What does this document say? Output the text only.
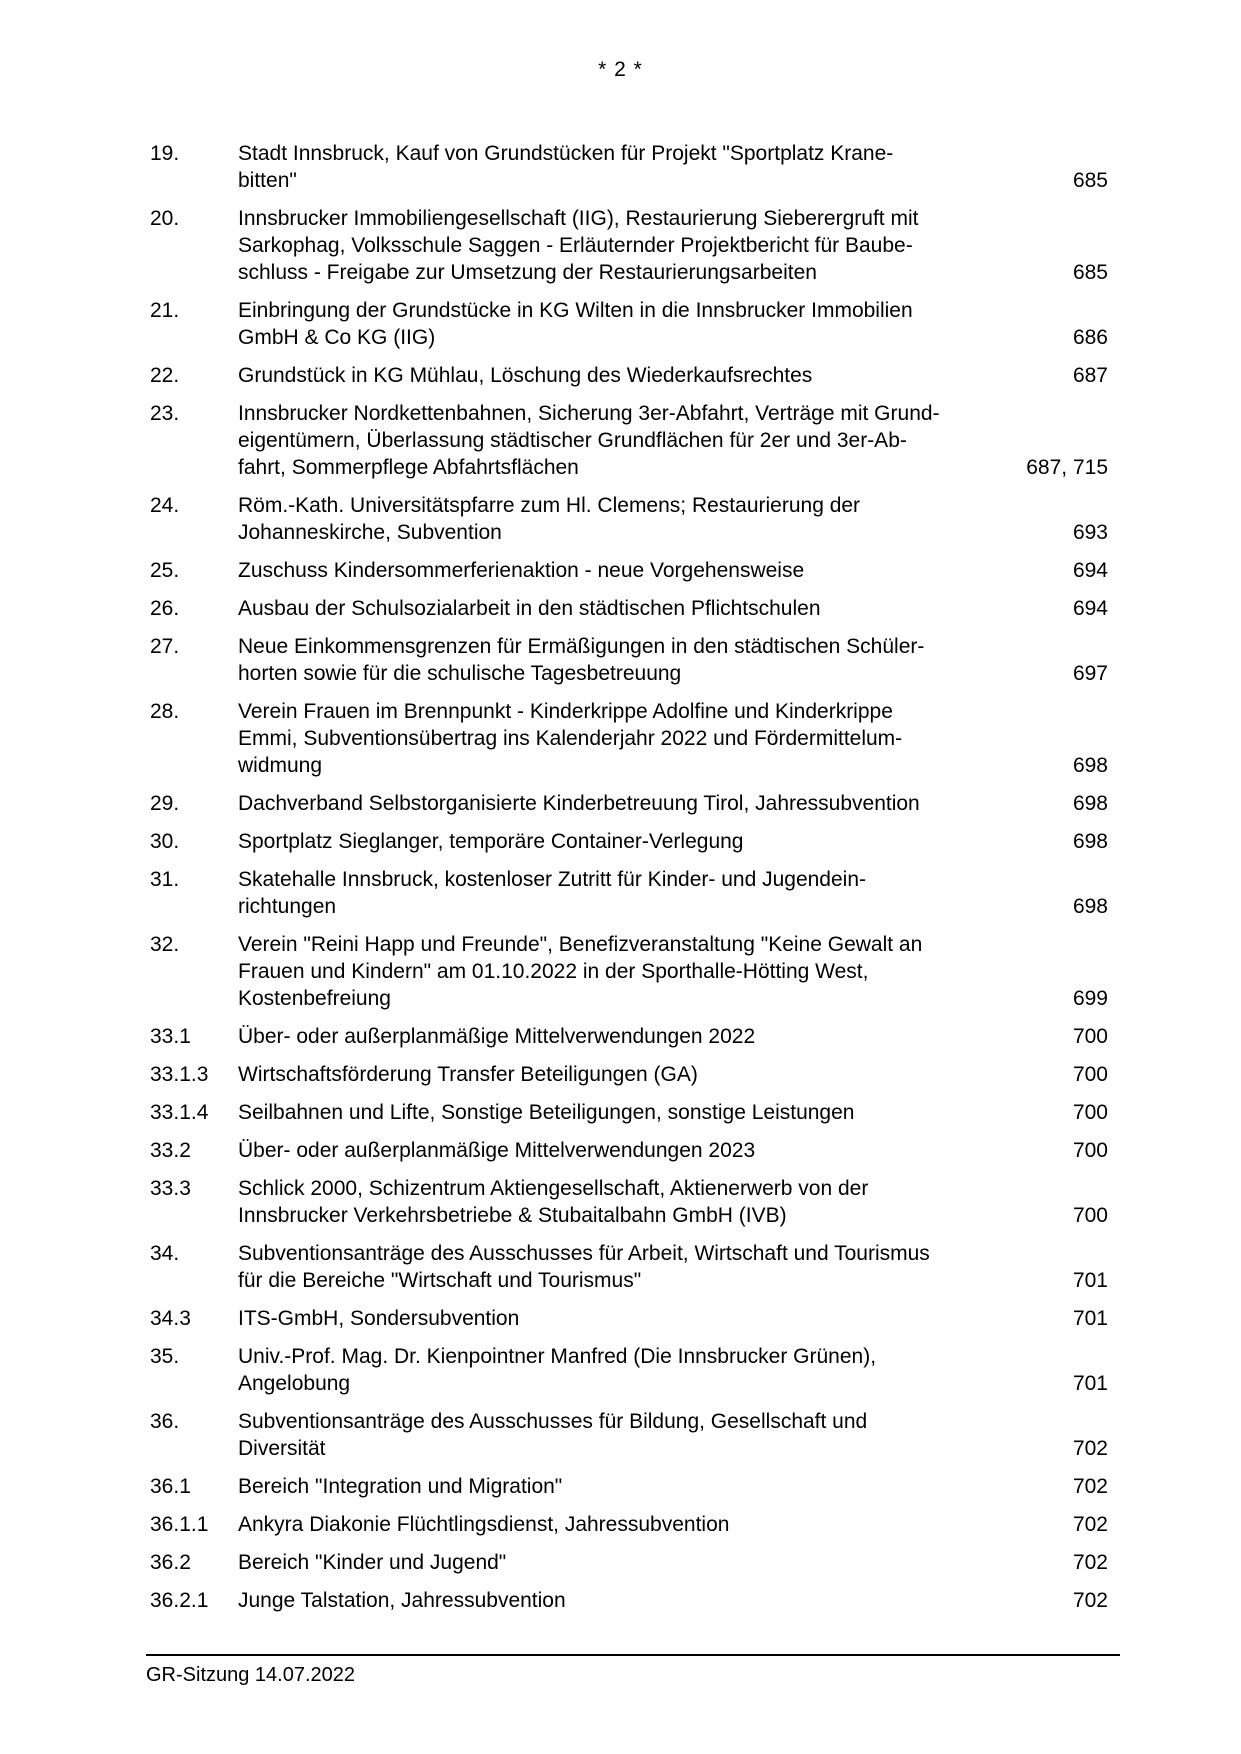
* 2 *
19.	Stadt Innsbruck, Kauf von Grundstücken für Projekt "Sportplatz Krane-
bitten"	685
20.	Innsbrucker Immobiliengesellschaft (IIG), Restaurierung Sieberergruft mit
Sarkophag, Volksschule Saggen - Erläuternder Projektbericht für Baube-
schluss - Freigabe zur Umsetzung der Restaurierungsarbeiten	685
21.	Einbringung der Grundstücke in KG Wilten in die Innsbrucker Immobilien
GmbH & Co KG (IIG)	686
22.	Grundstück in KG Mühlau, Löschung des Wiederkaufsrechtes	687
23.	Innsbrucker Nordkettenbahnen, Sicherung 3er-Abfahrt, Verträge mit Grund-
eigentümern, Überlassung städtischer Grundflächen für 2er und 3er-Ab-
fahrt, Sommerpflege Abfahrtsflächen	687, 715
24.	Röm.-Kath. Universitätspfarre zum Hl. Clemens; Restaurierung der
Johanneskirche, Subvention	693
25.	Zuschuss Kindersommerferienaktion - neue Vorgehensweise	694
26.	Ausbau der Schulsozialarbeit in den städtischen Pflichtschulen	694
27.	Neue Einkommensgrenzen für Ermäßigungen in den städtischen Schüler-
horten sowie für die schulische Tagesbetreuung	697
28.	Verein Frauen im Brennpunkt - Kinderkrippe Adolfine und Kinderkrippe
Emmi, Subventionsübertrag ins Kalenderjahr 2022 und Fördermittelum-
widmung	698
29.	Dachverband Selbstorganisierte Kinderbetreuung Tirol, Jahressubvention	698
30.	Sportplatz Sieglanger, temporäre Container-Verlegung	698
31.	Skatehalle Innsbruck, kostenloser Zutritt für Kinder- und Jugendein-
richtungen	698
32.	Verein "Reini Happ und Freunde", Benefizveranstaltung "Keine Gewalt an
Frauen und Kindern" am 01.10.2022 in der Sporthalle-Hötting West,
Kostenbefreiung	699
33.1	Über- oder außerplanmäßige Mittelverwendungen 2022	700
33.1.3	Wirtschaftsförderung Transfer Beteiligungen (GA)	700
33.1.4	Seilbahnen und Lifte, Sonstige Beteiligungen, sonstige Leistungen	700
33.2	Über- oder außerplanmäßige Mittelverwendungen 2023	700
33.3	Schlick 2000, Schizentrum Aktiengesellschaft, Aktienerwerb von der
Innsbrucker Verkehrsbetriebe & Stubaitalbahn GmbH (IVB)	700
34.	Subventionsanträge des Ausschusses für Arbeit, Wirtschaft und Tourismus
für die Bereiche "Wirtschaft und Tourismus"	701
34.3	ITS-GmbH, Sondersubvention	701
35.	Univ.-Prof. Mag. Dr. Kienpointner Manfred (Die Innsbrucker Grünen),
Angelobung	701
36.	Subventionsanträge des Ausschusses für Bildung, Gesellschaft und
Diversität	702
36.1	Bereich "Integration und Migration"	702
36.1.1	Ankyra Diakonie Flüchtlingsdienst, Jahressubvention	702
36.2	Bereich "Kinder und Jugend"	702
36.2.1	Junge Talstation, Jahressubvention	702
GR-Sitzung 14.07.2022
